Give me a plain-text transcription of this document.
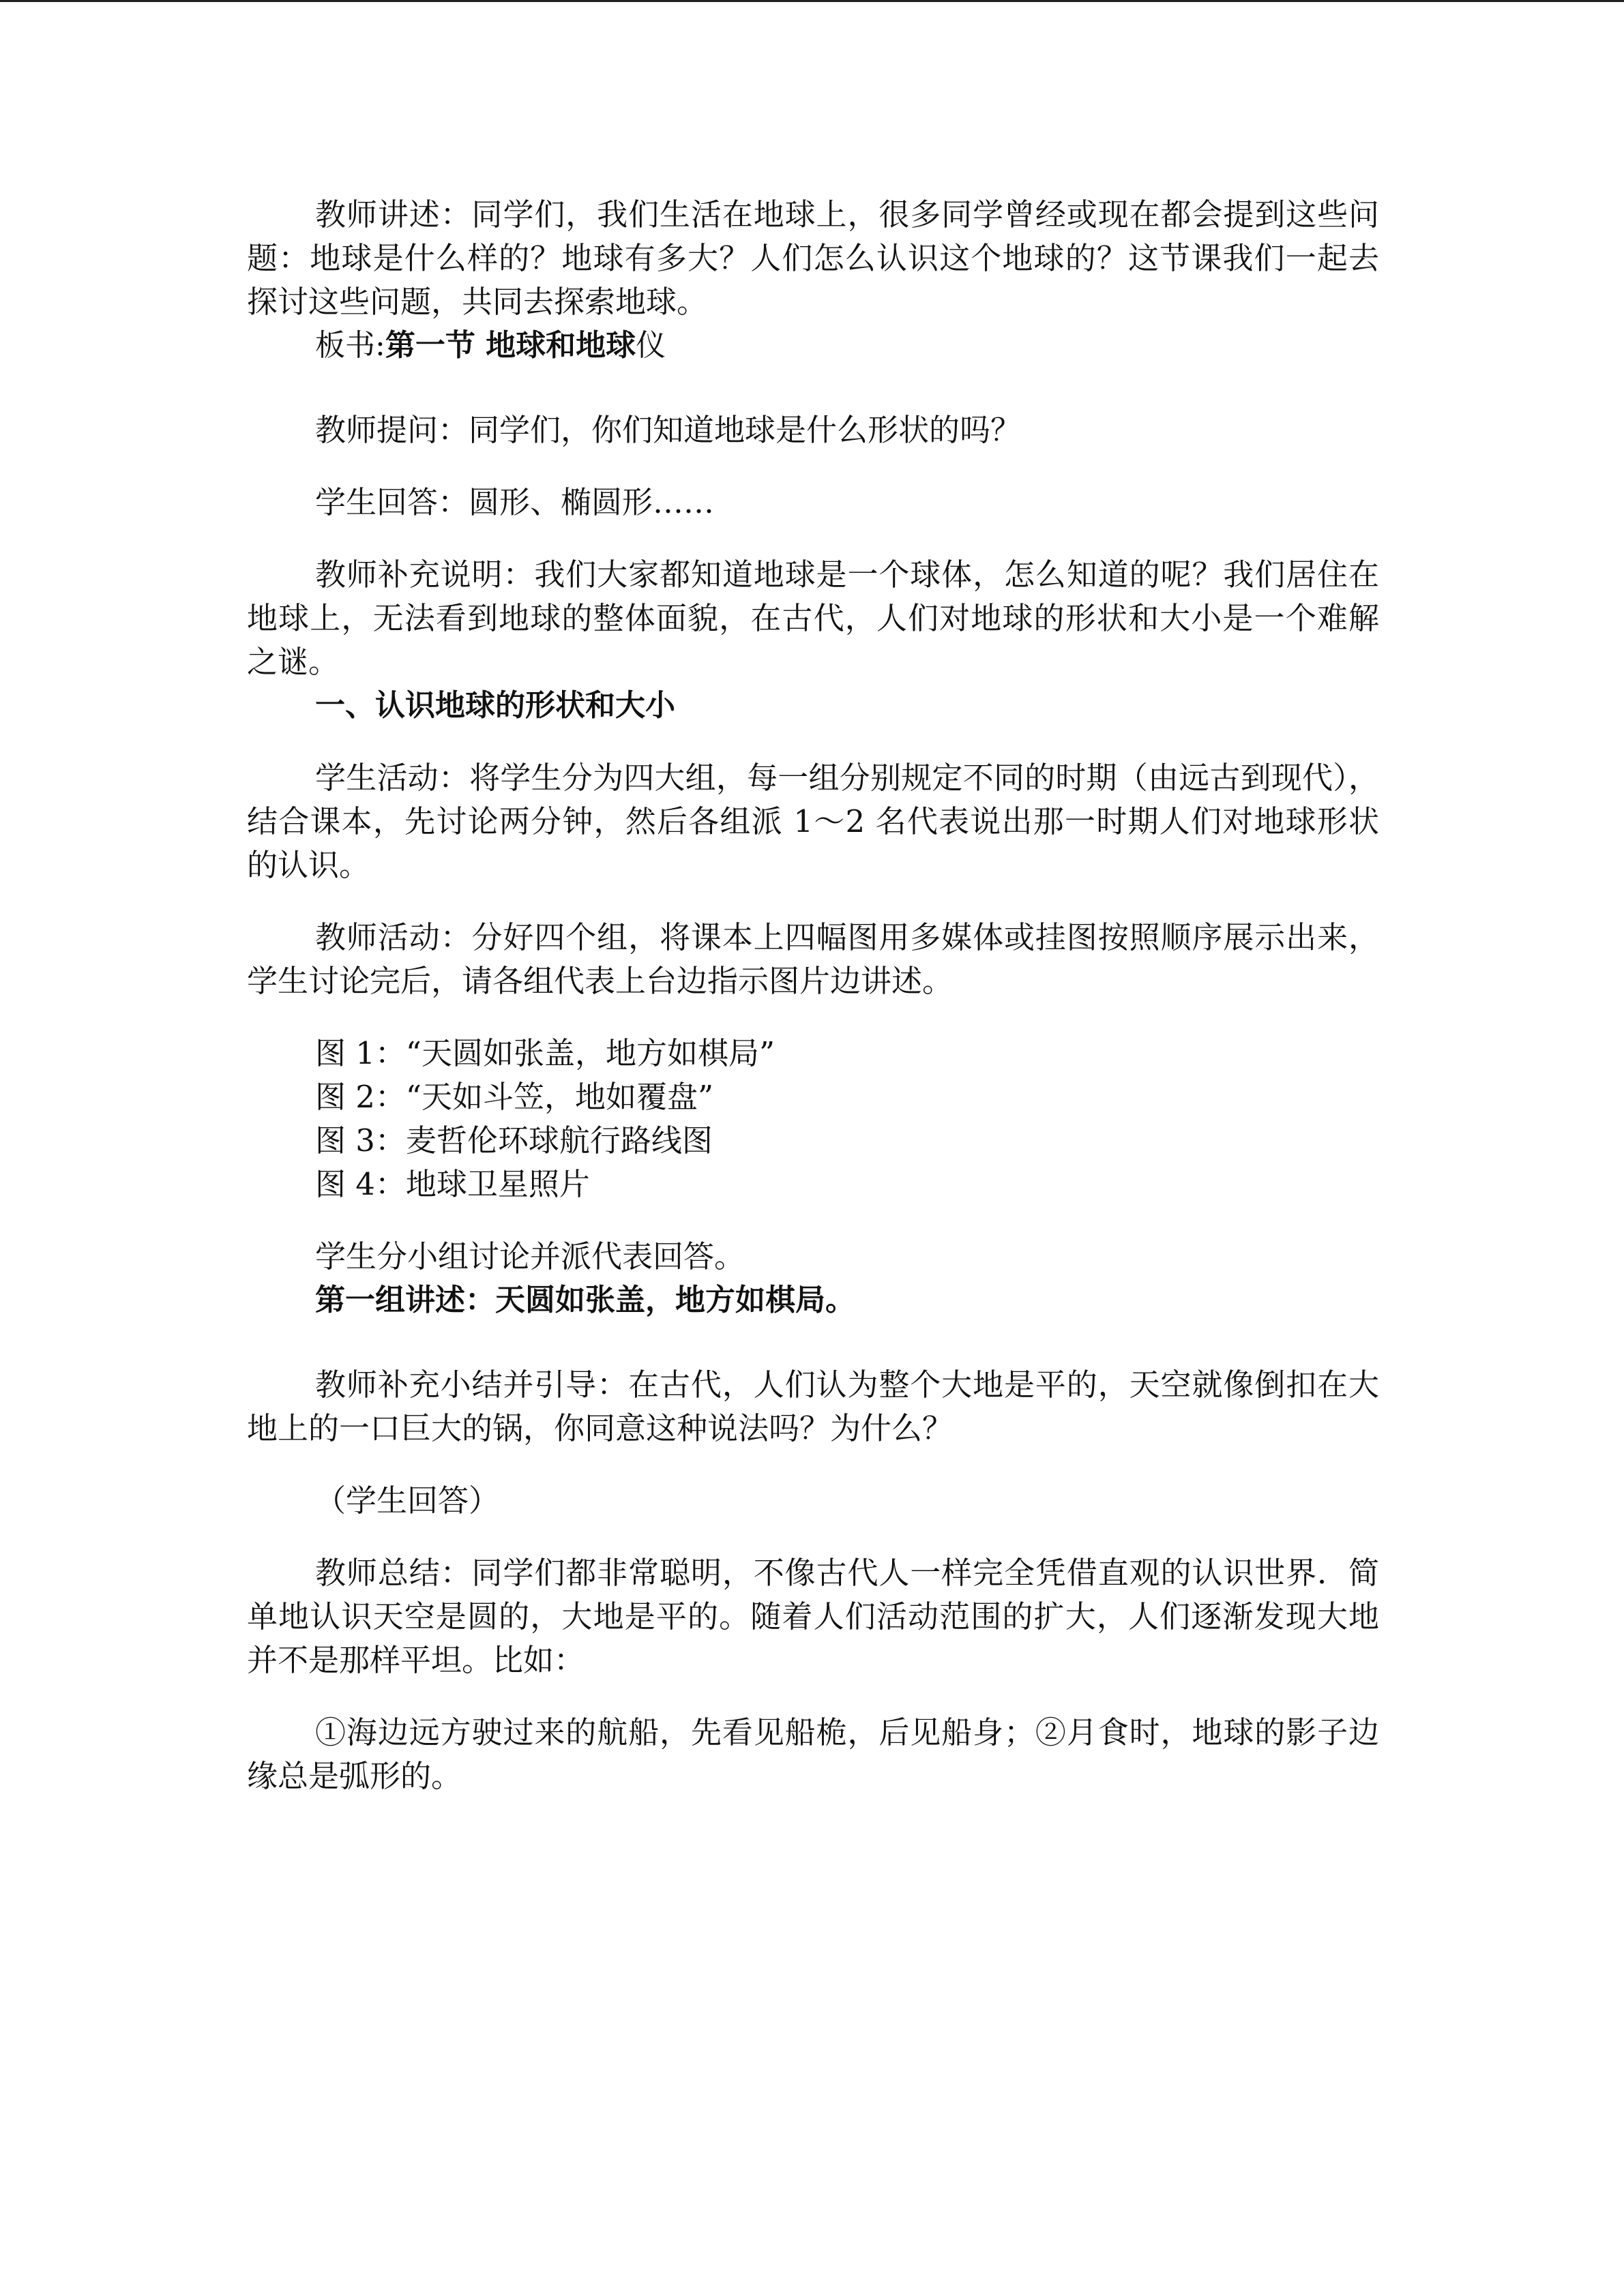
教师讲述：同学们，我们生活在地球上，很多同学曾经或现在都会提到这些问题：地球是什么样的？地球有多大？人们怎么认识这个地球的？这节课我们一起去探讨这些问题，共同去探索地球。

板书:第一节 地球和地球仪

教师提问：同学们，你们知道地球是什么形状的吗？

学生回答：圆形、椭圆形……

教师补充说明：我们大家都知道地球是一个球体，怎么知道的呢？我们居住在地球上，无法看到地球的整体面貌，在古代，人们对地球的形状和大小是一个难解之谜。

一、认识地球的形状和大小

学生活动：将学生分为四大组，每一组分别规定不同的时期（由远古到现代），结合课本，先讨论两分钟，然后各组派 1～2 名代表说出那一时期人们对地球形状的认识。

教师活动：分好四个组，将课本上四幅图用多媒体或挂图按照顺序展示出来，学生讨论完后，请各组代表上台边指示图片边讲述。

图 1：“天圆如张盖，地方如棋局”

图 2：“天如斗笠，地如覆盘”

图 3：麦哲伦环球航行路线图

图 4：地球卫星照片

学生分小组讨论并派代表回答。

第一组讲述：天圆如张盖，地方如棋局。

教师补充小结并引导：在古代，人们认为整个大地是平的，天空就像倒扣在大地上的一口巨大的锅，你同意这种说法吗？为什么？

（学生回答）

教师总结：同学们都非常聪明，不像古代人一样完全凭借直观的认识世界．简单地认识天空是圆的，大地是平的。随着人们活动范围的扩大，人们逐渐发现大地并不是那样平坦。比如：

①海边远方驶过来的航船，先看见船桅，后见船身；②月食时，地球的影子边缘总是弧形的。
